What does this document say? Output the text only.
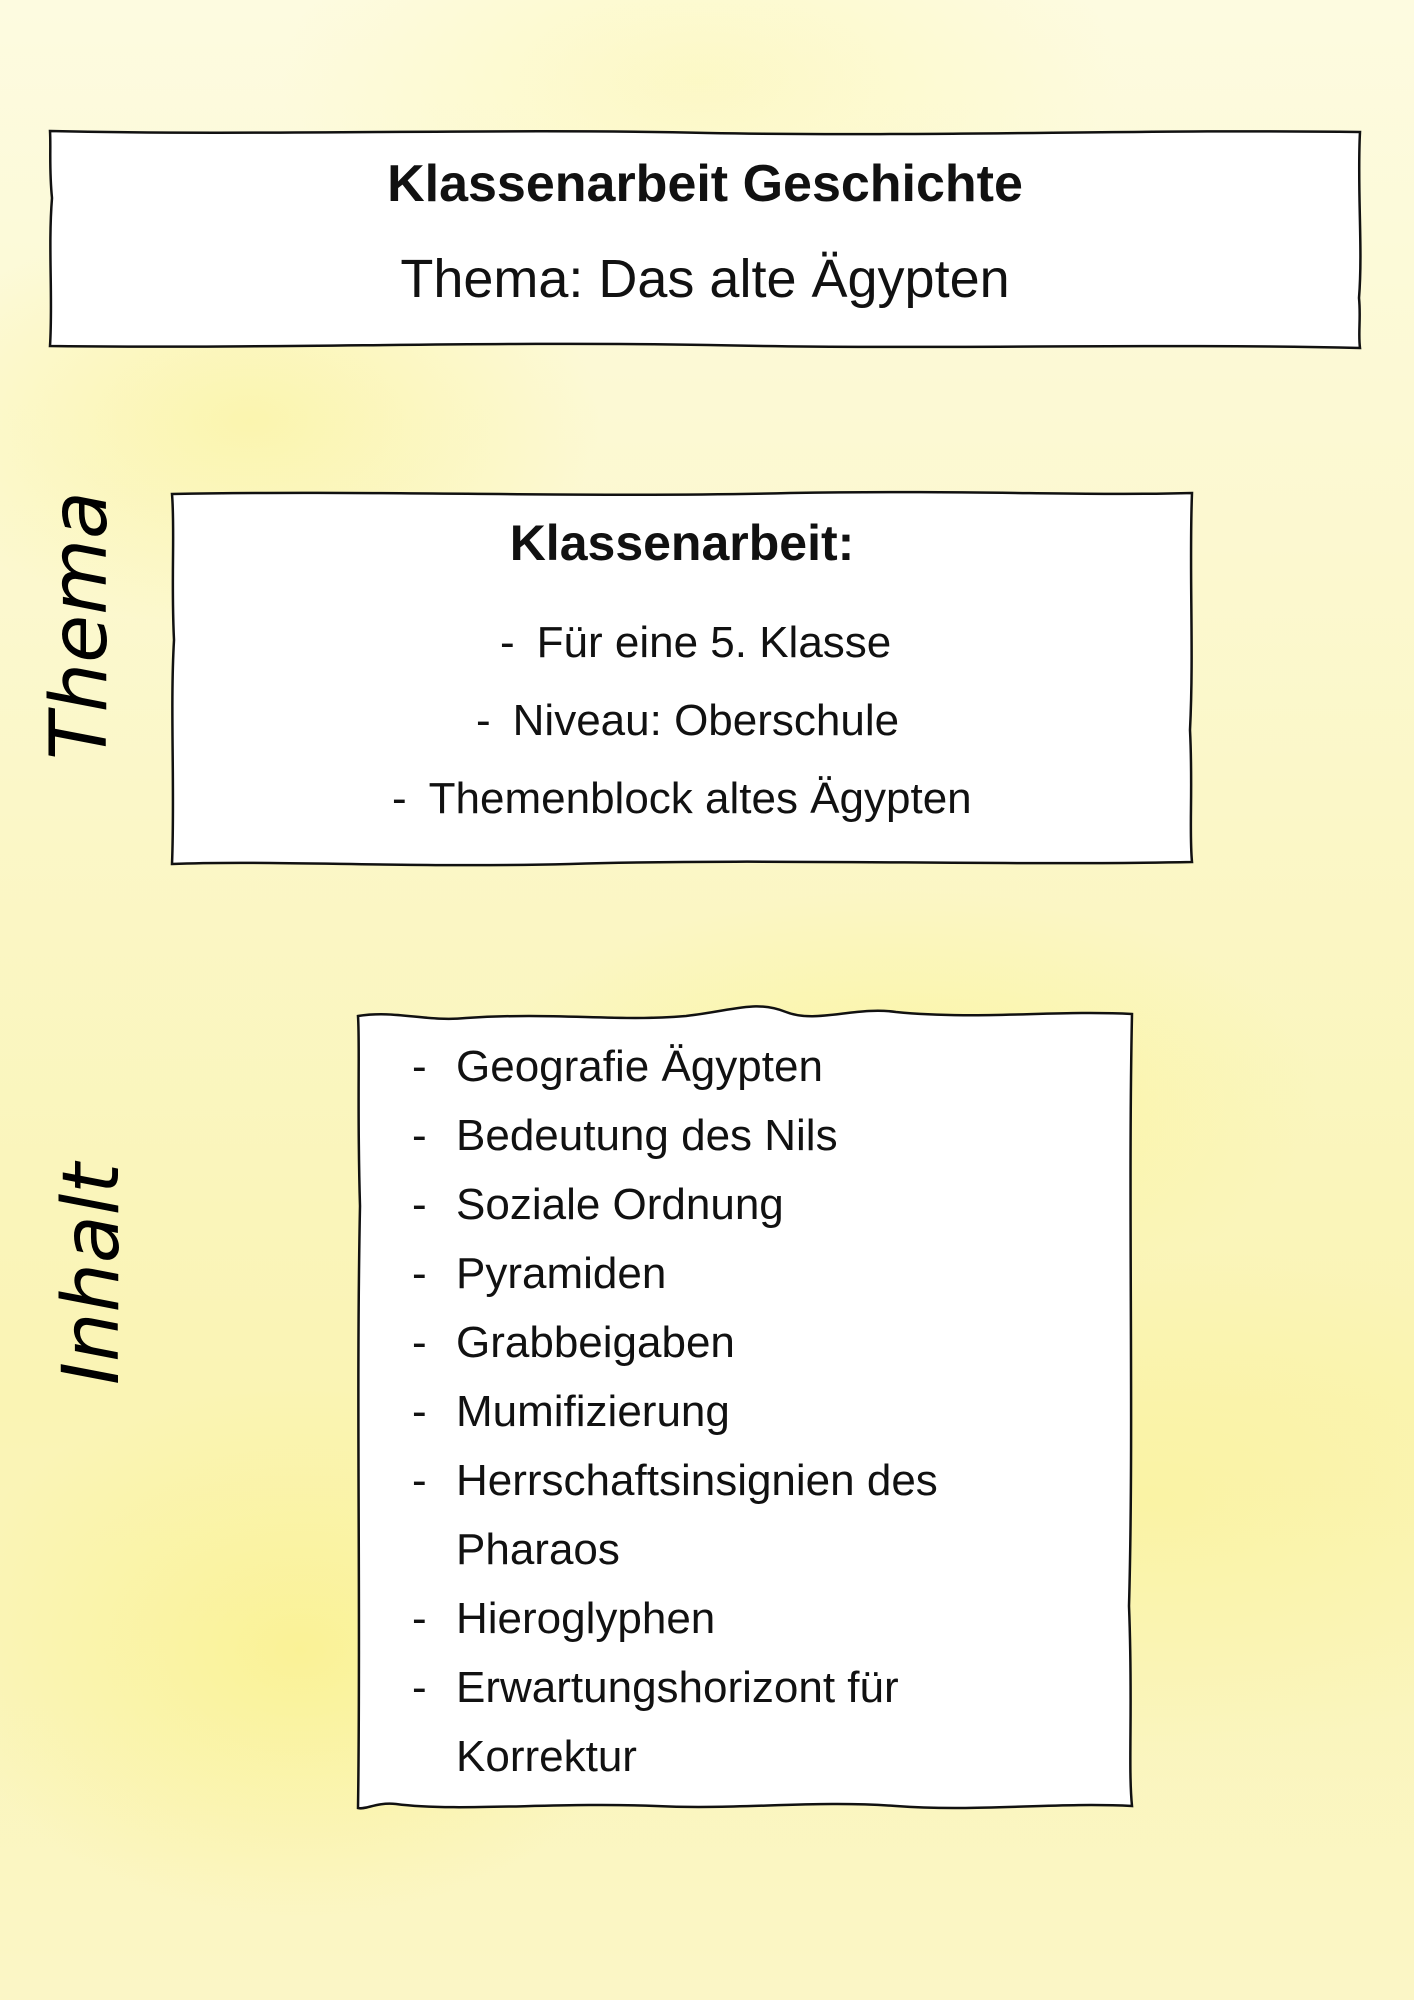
Klassenarbeit Geschichte
Thema: Das alte Ägypten
Thema	Klassenarbeit:
- Für eine 5. Klasse
- Niveau: Oberschule
- Themenblock altes Ägypten
Inhalt
- Geografie Ägypten
- Bedeutung des Nils
- Soziale Ordnung
- Pyramiden
- Grabbeigaben
- Mumifizierung
- Herrschaftsinsignien des Pharaos
- Hieroglyphen
- Erwartungshorizont für Korrektur
